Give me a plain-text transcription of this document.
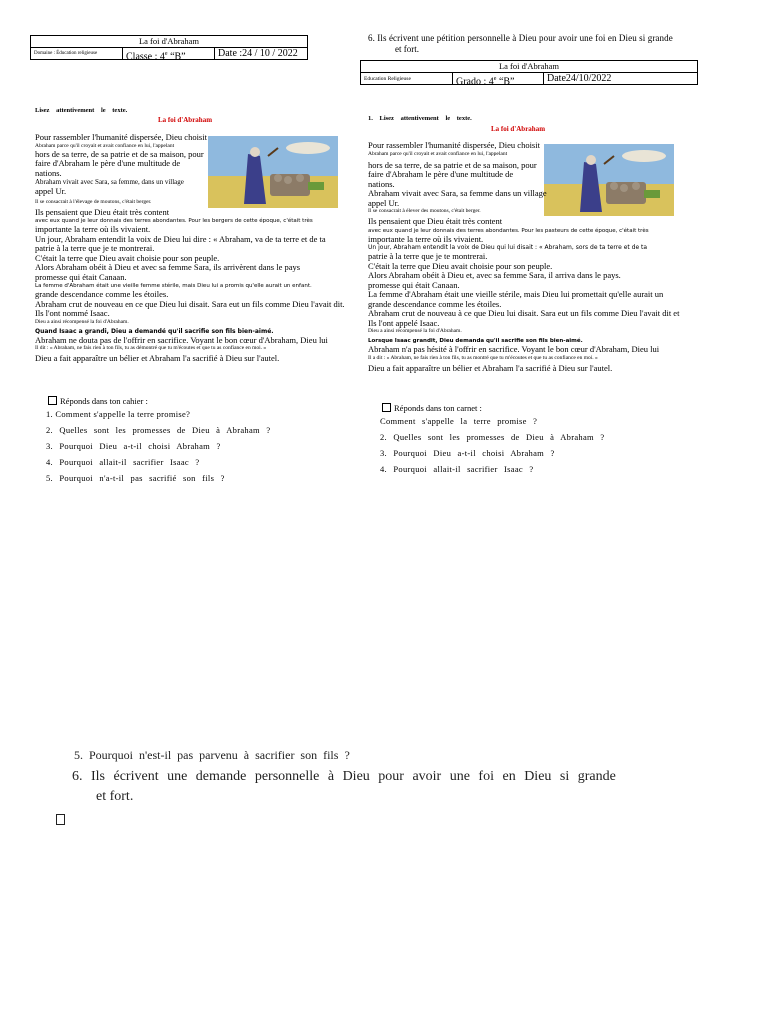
La foi d'Abraham
Domaine : Éducation religieuse	Classe : 4e “B”	Date :24 / 10 / 2022
6. Ils écrivent une pétition personnelle à Dieu pour avoir une foi en Dieu si grande
et fort.
La foi d'Abraham
Education Religieuse	Grado : 4e “B”	Date24/10/2022
Lisez attentivement le texte.
La foi d'Abraham

Pour rassembler l'humanité dispersée, Dieu choisit

Abraham parce qu'il croyait et avait confiance en lui, l'appelant

hors de sa terre, de sa patrie et de sa maison, pour

faire d'Abraham le père d'une multitude de

nations.

Abraham vivait avec Sara, sa femme, dans un village

appel Ur.

Il se consacrait à l'élevage de moutons, c'était berger.

Ils pensaient que Dieu était très content

avec eux quand je leur donnais des terres abondantes. Pour les bergers de cette époque, c'était très

importante la terre où ils vivaient.

Un jour, Abraham entendit la voix de Dieu lui dire : « Abraham, va de ta terre et de ta

patrie à la terre que je te montrerai.

C'était la terre que Dieu avait choisie pour son peuple.

Alors Abraham obéit à Dieu et avec sa femme Sara, ils arrivèrent dans le pays

promesse qui était Canaan.

La femme d'Abraham était une vieille femme stérile, mais Dieu lui a promis qu'elle aurait un enfant.

grande descendance comme les étoiles.

Abraham crut de nouveau en ce que Dieu lui disait. Sara eut un fils comme Dieu l'avait dit.

Ils l'ont nommé Isaac.

Dieu a ainsi récompensé la foi d'Abraham.

Quand Isaac a grandi, Dieu a demandé qu'il sacrifie son fils bien-aimé.

Abraham ne douta pas de l'offrir en sacrifice. Voyant le bon cœur d'Abraham, Dieu lui

Il dit : « Abraham, ne fais rien à ton fils, tu as démontré que tu m'écoutes et que tu as confiance en moi. »

Dieu a fait apparaître un bélier et Abraham l'a sacrifié à Dieu sur l'autel.

Réponds dans ton cahier :
1. Comment s'appelle la terre promise?
2. Quelles sont les promesses de Dieu à Abraham ?
3. Pourquoi Dieu a-t-il choisi Abraham ?
4. Pourquoi allait-il sacrifier Isaac ?
5. Pourquoi n'a-t-il pas sacrifié son fils ?
1. Lisez attentivement le texte.
La foi d'Abraham

Pour rassembler l'humanité dispersée, Dieu choisit

Abraham parce qu'il croyait et avait confiance en lui, l'appelant

hors de sa terre, de sa patrie et de sa maison, pour

faire d'Abraham le père d'une multitude de

nations.

Abraham vivait avec Sara, sa femme dans un village

appel Ur.

Il se consacrait à élever des moutons, c'était berger.

Ils pensaient que Dieu était très content

avec eux quand je leur donnais des terres abondantes. Pour les pasteurs de cette époque, c'était très

importante la terre où ils vivaient.

Un jour, Abraham entendit la voix de Dieu qui lui disait : « Abraham, sors de ta terre et de ta

patrie à la terre que je te montrerai.

C'était la terre que Dieu avait choisie pour son peuple.

Alors Abraham obéit à Dieu et, avec sa femme Sara, il arriva dans le pays.

promesse qui était Canaan.

La femme d'Abraham était une vieille stérile, mais Dieu lui promettait qu'elle aurait un

grande descendance comme les étoiles.

Abraham crut de nouveau à ce que Dieu lui disait. Sara eut un fils comme Dieu l'avait dit et

Ils l'ont appelé Isaac.

Dieu a ainsi récompensé la foi d'Abraham.

Lorsque Isaac grandit, Dieu demanda qu'il sacrifie son fils bien-aimé.

Abraham n'a pas hésité à l'offrir en sacrifice. Voyant le bon cœur d'Abraham, Dieu lui

Il a dit : « Abraham, ne fais rien à ton fils, tu as montré que tu m'écoutes et que tu as confiance en moi. »

Dieu a fait apparaître un bélier et Abraham l'a sacrifié à Dieu sur l'autel.

Réponds dans ton carnet :
Comment s'appelle la terre promise ?
2. Quelles sont les promesses de Dieu à Abraham ?
3. Pourquoi Dieu a-t-il choisi Abraham ?
4. Pourquoi allait-il sacrifier Isaac ?
5. Pourquoi n'est-il pas parvenu à sacrifier son fils ?
6. Ils écrivent une demande personnelle à Dieu pour avoir une foi en Dieu si grande
et fort.
